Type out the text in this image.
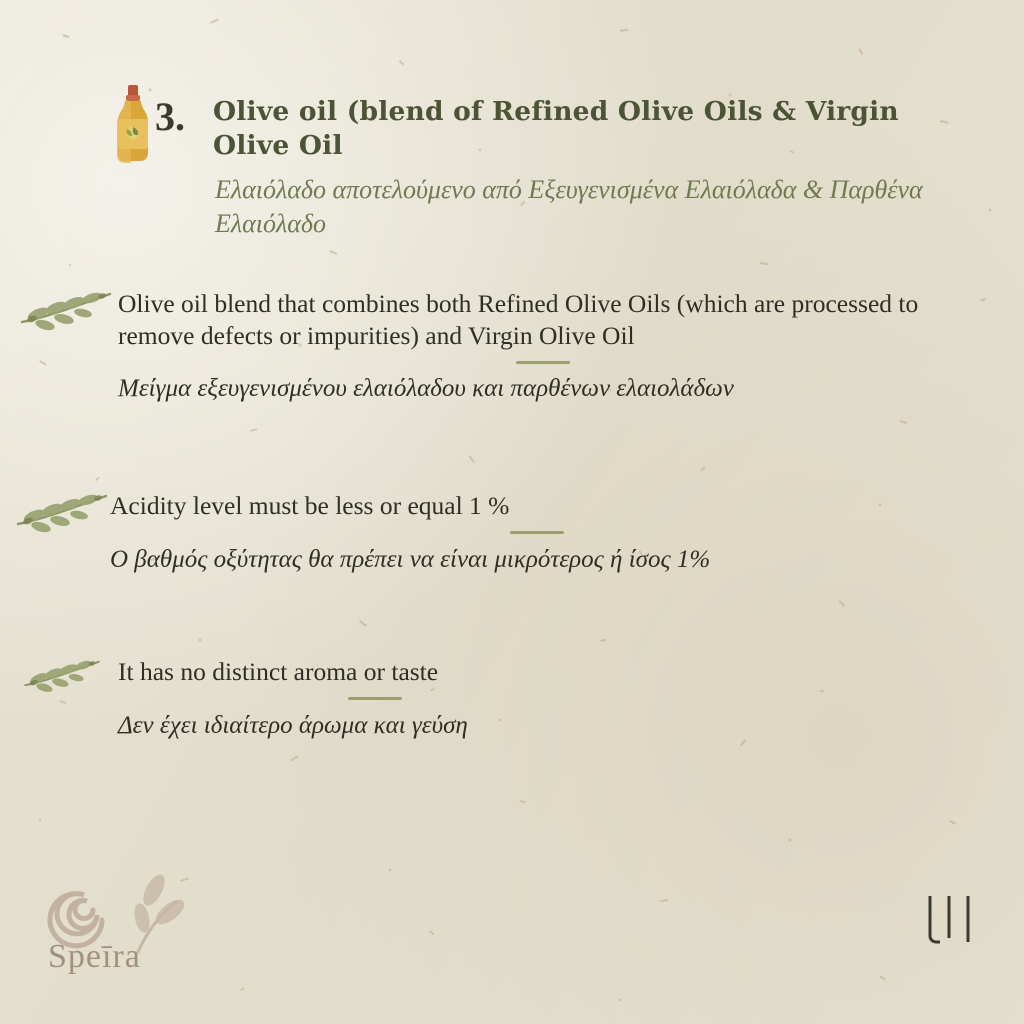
3. Olive oil (blend of Refined Olive Oils & Virgin Olive Oil
Ελαιόλαδο αποτελούμενο από Εξευγενισμένα Ελαιόλαδα & Παρθένα Ελαιόλαδο
Olive oil blend that combines both Refined Olive Oils (which are processed to remove defects or impurities) and Virgin Olive Oil
Μείγμα εξευγενισμένου ελαιόλαδου και παρθένων ελαιολάδων
Acidity level must be less or equal 1 %
Ο βαθμός οξύτητας θα πρέπει να είναι μικρότερος ή ίσος 1%
It has no distinct aroma or taste
Δεν έχει ιδιαίτερο άρωμα και γεύση
Speīra
